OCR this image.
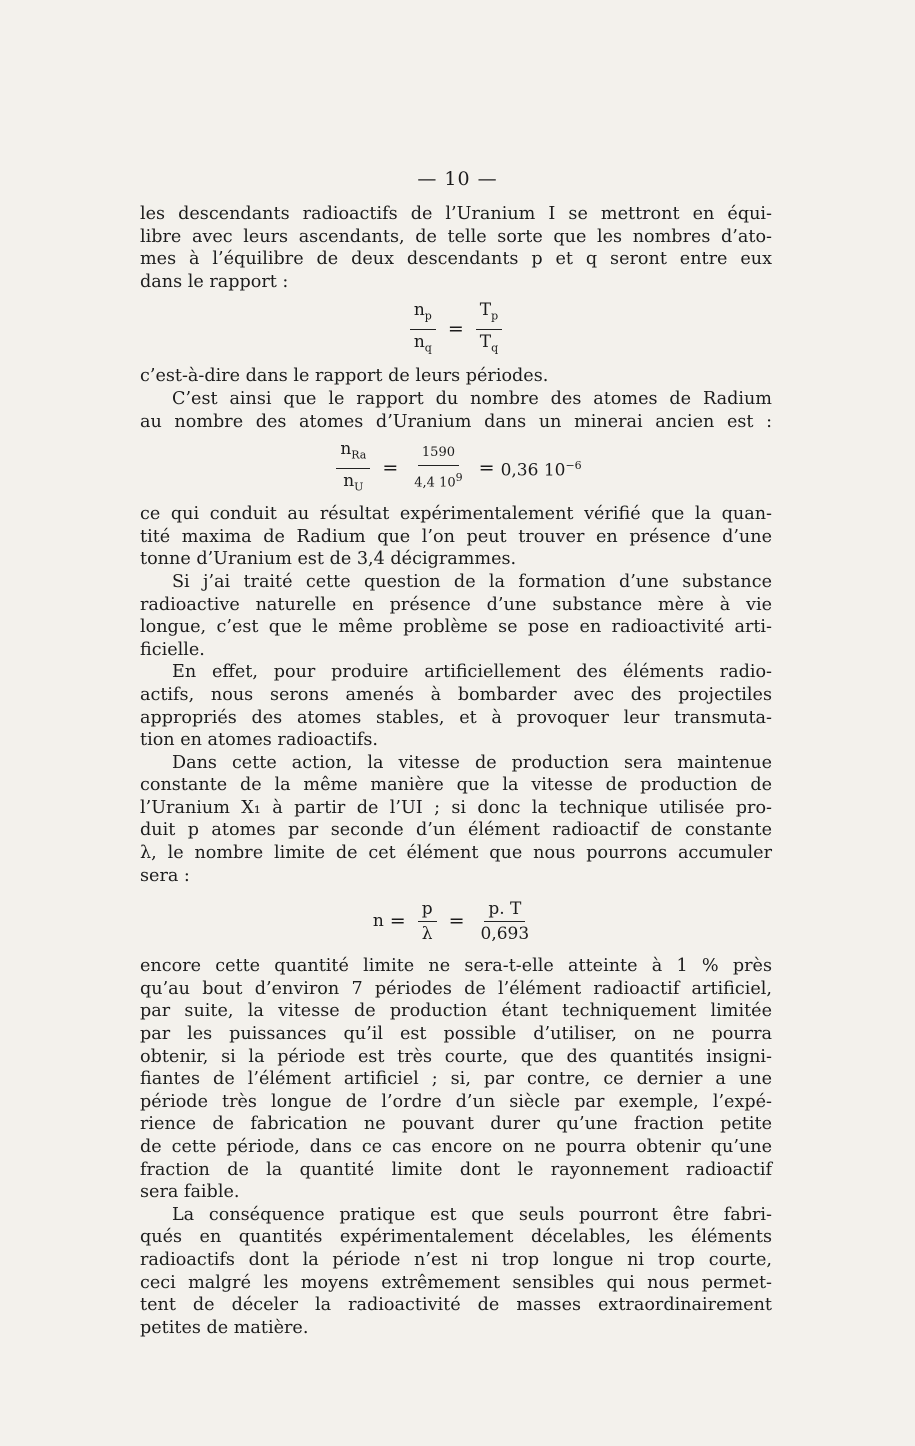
— 10 —

les descendants radioactifs de l’Uranium I se mettront en équi-
libre avec leurs ascendants, de telle sorte que les nombres d’ato-
mes à l’équilibre de deux descendants p et q seront entre eux
dans le rapport :

$\frac{n_p}{n_q} = \frac{T_p}{T_q}$

c’est-à-dire dans le rapport de leurs périodes.

C’est ainsi que le rapport du nombre des atomes de Radium
au nombre des atomes d’Uranium dans un minerai ancien est :

$\frac{n_{Ra}}{n_U} = \frac{1590}{4,4 10^9} = 0,36$ $10^{-6}$

ce qui conduit au résultat expérimentalement vérifié que la quan-
tité maxima de Radium que l’on peut trouver en présence d’une
tonne d’Uranium est de 3,4 décigrammes.

Si j’ai traité cette question de la formation d’une substance
radioactive naturelle en présence d’une substance mère à vie
longue, c’est que le même problème se pose en radioactivité arti-
ficielle.

En effet, pour produire artificiellement des éléments radio-
actifs, nous serons amenés à bombarder avec des projectiles
appropriés des atomes stables, et à provoquer leur transmuta-
tion en atomes radioactifs.

Dans cette action, la vitesse de production sera maintenue
constante de la même manière que la vitesse de production de
l’Uranium X₁ à partir de l’UI ; si donc la technique utilisée pro-
duit p atomes par seconde d’un élément radioactif de constante
λ, le nombre limite de cet élément que nous pourrons accumuler
sera :

$n = \frac{p}{\lambda} = \frac{p. T}{0,693}$

encore cette quantité limite ne sera-t-elle atteinte à 1 % près
qu’au bout d’environ 7 périodes de l’élément radioactif artificiel,
par suite, la vitesse de production étant techniquement limitée
par les puissances qu’il est possible d’utiliser, on ne pourra
obtenir, si la période est très courte, que des quantités insigni-
fiantes de l’élément artificiel ; si, par contre, ce dernier a une
période très longue de l’ordre d’un siècle par exemple, l’expé-
rience de fabrication ne pouvant durer qu’une fraction petite
de cette période, dans ce cas encore on ne pourra obtenir qu’une
fraction de la quantité limite dont le rayonnement radioactif
sera faible.

La conséquence pratique est que seuls pourront être fabri-
qués en quantités expérimentalement décelables, les éléments
radioactifs dont la période n’est ni trop longue ni trop courte,
ceci malgré les moyens extrêmement sensibles qui nous permet-
tent de déceler la radioactivité de masses extraordinairement
petites de matière.
